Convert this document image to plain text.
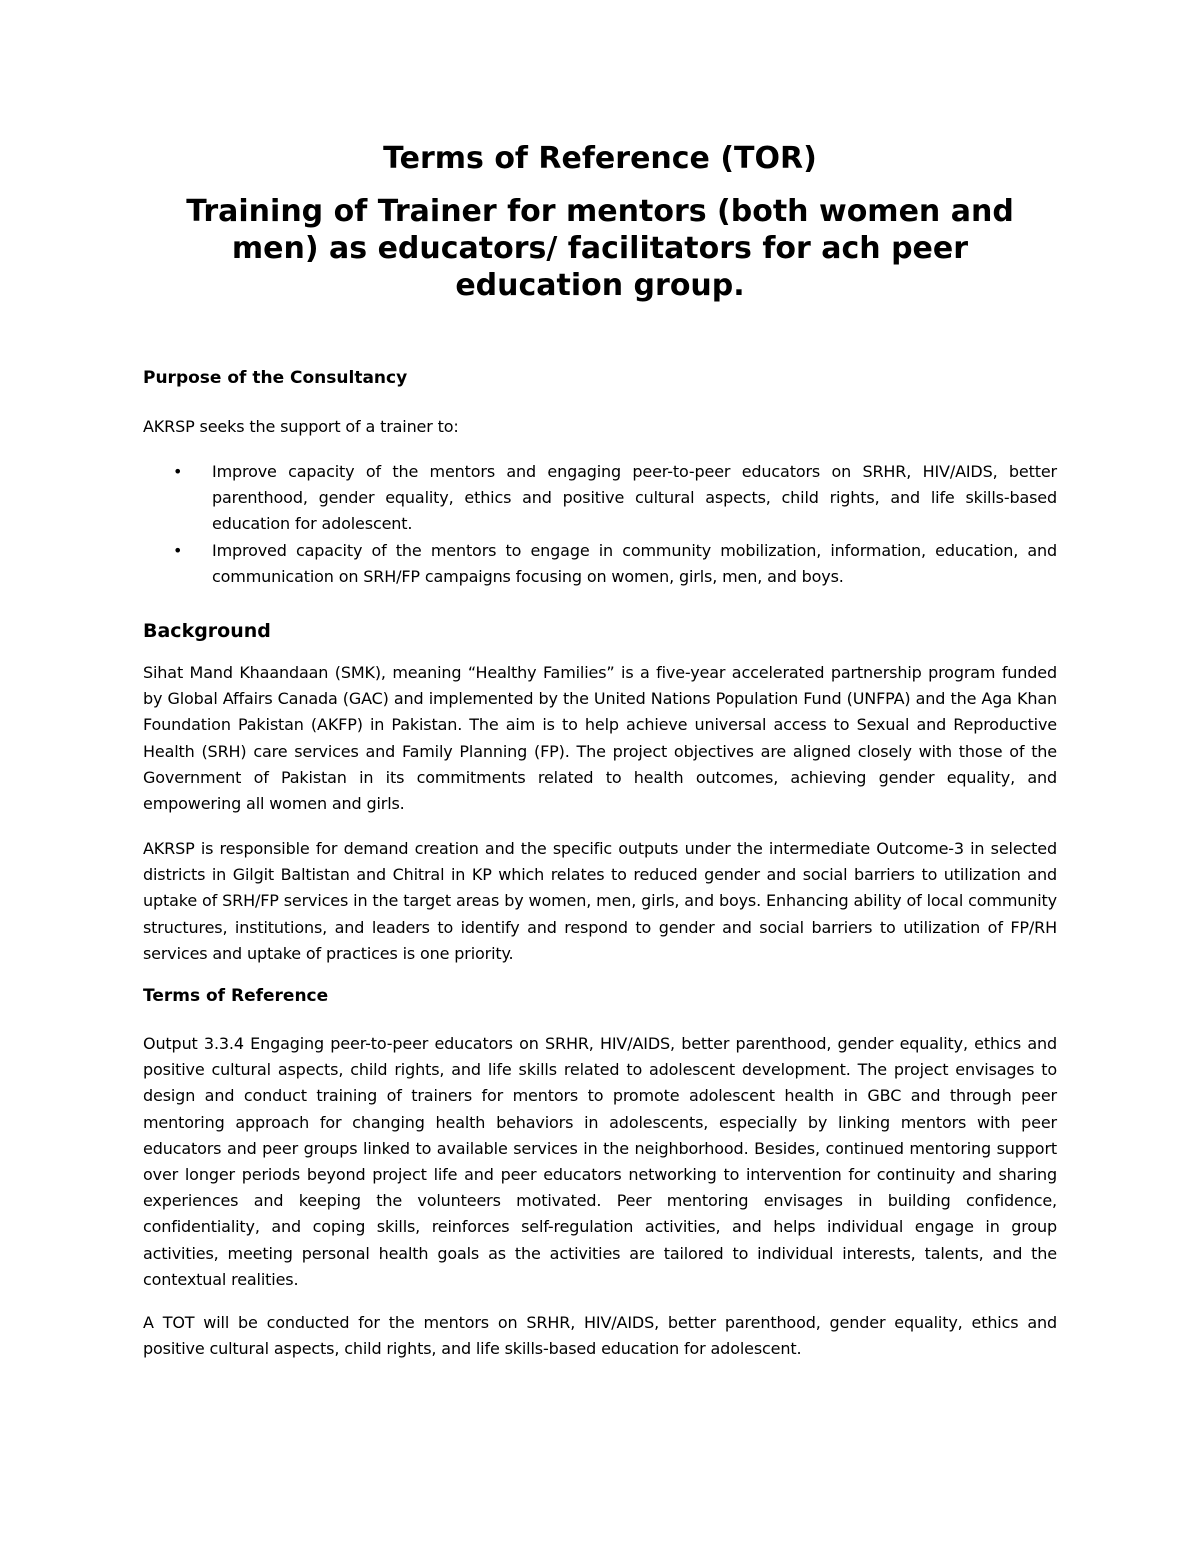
Terms of Reference (TOR)
Training of Trainer for mentors (both women and men) as educators/ facilitators for ach peer education group.
Purpose of the Consultancy

AKRSP seeks the support of a trainer to:

• Improve capacity of the mentors and engaging peer-to-peer educators on SRHR, HIV/AIDS, better parenthood, gender equality, ethics and positive cultural aspects, child rights, and life skills-based education for adolescent.
• Improved capacity of the mentors to engage in community mobilization, information, education, and communication on SRH/FP campaigns focusing on women, girls, men, and boys.
Background

Sihat Mand Khaandaan (SMK), meaning “Healthy Families” is a five-year accelerated partnership program funded by Global Affairs Canada (GAC) and implemented by the United Nations Population Fund (UNFPA) and the Aga Khan Foundation Pakistan (AKFP) in Pakistan. The aim is to help achieve universal access to Sexual and Reproductive Health (SRH) care services and Family Planning (FP). The project objectives are aligned closely with those of the Government of Pakistan in its commitments related to health outcomes, achieving gender equality, and empowering all women and girls.

AKRSP is responsible for demand creation and the specific outputs under the intermediate Outcome-3 in selected districts in Gilgit Baltistan and Chitral in KP which relates to reduced gender and social barriers to utilization and uptake of SRH/FP services in the target areas by women, men, girls, and boys. Enhancing ability of local community structures, institutions, and leaders to identify and respond to gender and social barriers to utilization of FP/RH services and uptake of practices is one priority.

Terms of Reference

Output 3.3.4 Engaging peer-to-peer educators on SRHR, HIV/AIDS, better parenthood, gender equality, ethics and positive cultural aspects, child rights, and life skills related to adolescent development. The project envisages to design and conduct training of trainers for mentors to promote adolescent health in GBC and through peer mentoring approach for changing health behaviors in adolescents, especially by linking mentors with peer educators and peer groups linked to available services in the neighborhood. Besides, continued mentoring support over longer periods beyond project life and peer educators networking to intervention for continuity and sharing experiences and keeping the volunteers motivated. Peer mentoring envisages in building confidence, confidentiality, and coping skills, reinforces self-regulation activities, and helps individual engage in group activities, meeting personal health goals as the activities are tailored to individual interests, talents, and the contextual realities.

A TOT will be conducted for the mentors on SRHR, HIV/AIDS, better parenthood, gender equality, ethics and positive cultural aspects, child rights, and life skills-based education for adolescent.
